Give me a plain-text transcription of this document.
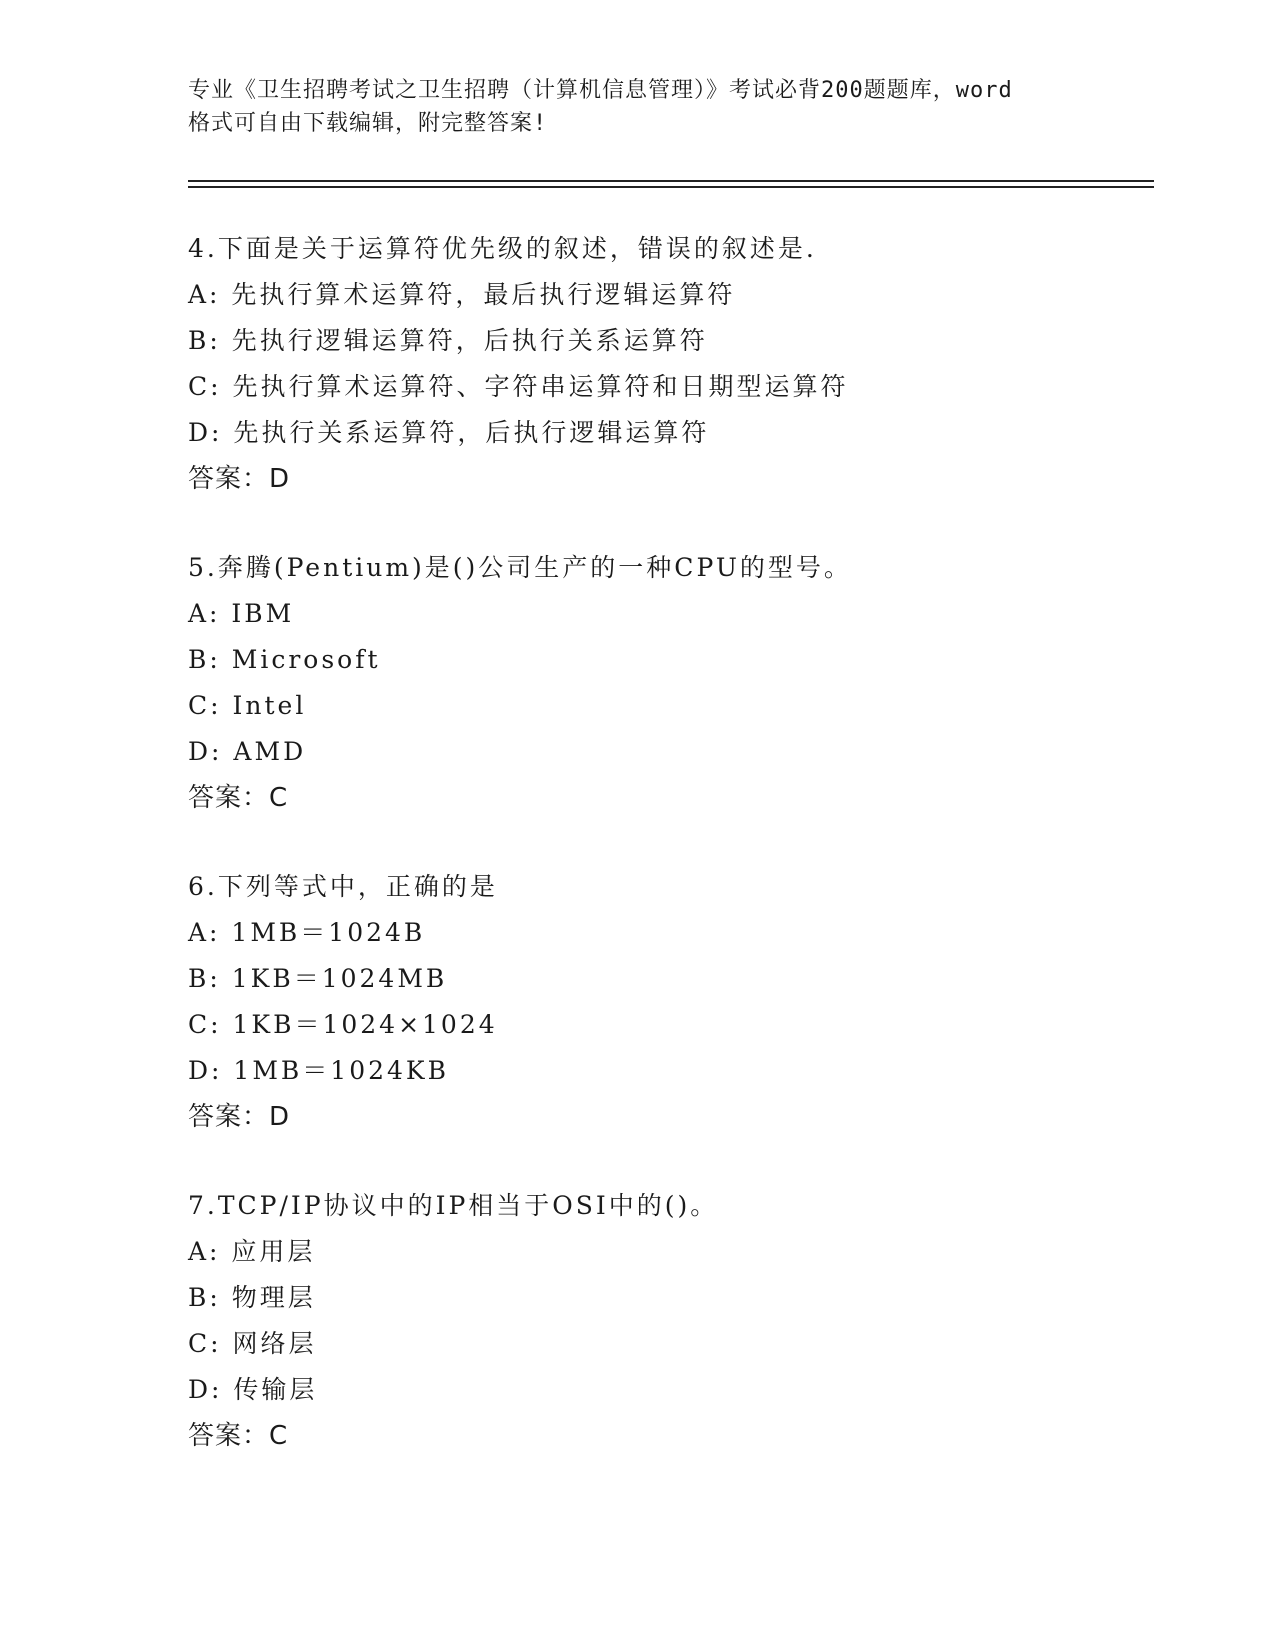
专业《卫生招聘考试之卫生招聘（计算机信息管理）》考试必背200题题库，word
格式可自由下载编辑，附完整答案!
4.下面是关于运算符优先级的叙述，错误的叙述是.
A: 先执行算术运算符，最后执行逻辑运算符
B: 先执行逻辑运算符，后执行关系运算符
C: 先执行算术运算符、字符串运算符和日期型运算符
D: 先执行关系运算符，后执行逻辑运算符
答案：D
5.奔腾(Pentium)是()公司生产的一种CPU的型号。
A: IBM
B: Microsoft
C: Intel
D: AMD
答案：C
6.下列等式中，正确的是
A: 1MB＝1024B
B: 1KB＝1024MB
C: 1KB＝1024×1024
D: 1MB＝1024KB
答案：D
7.TCP/IP协议中的IP相当于OSI中的()。
A: 应用层
B: 物理层
C: 网络层
D: 传输层
答案：C
